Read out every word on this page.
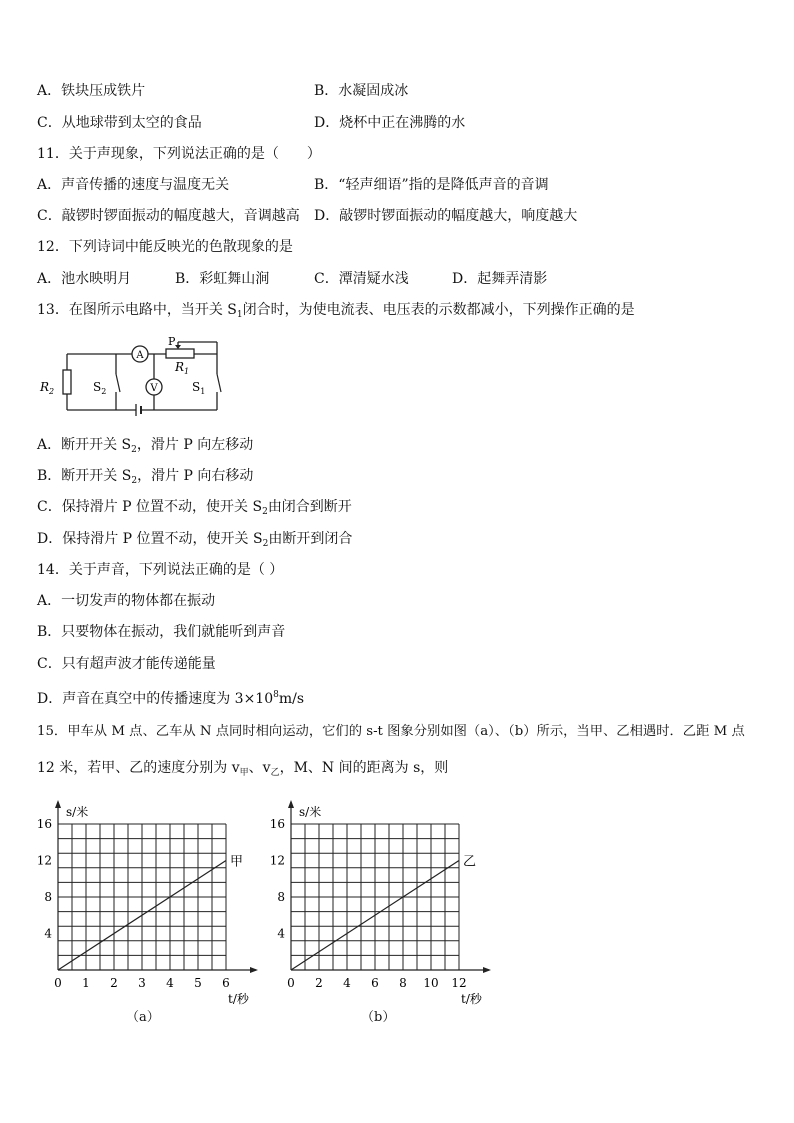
A．铁块压成铁片	B．水凝固成冰
C．从地球带到太空的食品	D．烧杯中正在沸腾的水
11．关于声现象，下列说法正确的是（　　）
A．声音传播的速度与温度无关	B．“轻声细语”指的是降低声音的音调
C．敲锣时锣面振动的幅度越大，音调越高 D．敲锣时锣面振动的幅度越大，响度越大
12．下列诗词中能反映光的色散现象的是
A．池水映明月	B．彩虹舞山涧	C．潭清疑水浅	D．起舞弄清影
13．在图所示电路中，当开关 $S_1$闭合时，为使电流表、电压表的示数都减小，下列操作正确的是
A
V
$R_2$	$S_2$
P
$R_1$
$S_1$
A．断开开关 $S_2$，滑片 P 向左移动
B．断开开关 $S_2$，滑片 P 向右移动
C．保持滑片 P 位置不动，使开关 $S_2$由闭合到断开
D．保持滑片 P 位置不动，使开关 $S_2$由断开到闭合
14．关于声音，下列说法正确的是（ ）
A．一切发声的物体都在振动
B．只要物体在振动，我们就能听到声音
C．只有超声波才能传递能量
D．声音在真空中的传播速度为 $3\times 10^8m/s$
15．甲车从 M 点、乙车从 N 点同时相向运动，它们的 s-t 图象分别如图（a）、（b）所示，当甲、乙相遇时．乙距 M 点
12 米，若甲、乙的速度分别为 $v_甲$、$v_乙$，M、N 间的距离为 s，则
0 1 2 3 4 5 6
4
8
12
16
s/米
t/秒
甲
0 2 4 6 8 10 12
4
8
12
16
s/米
t/秒
乙
（a）	（b）
